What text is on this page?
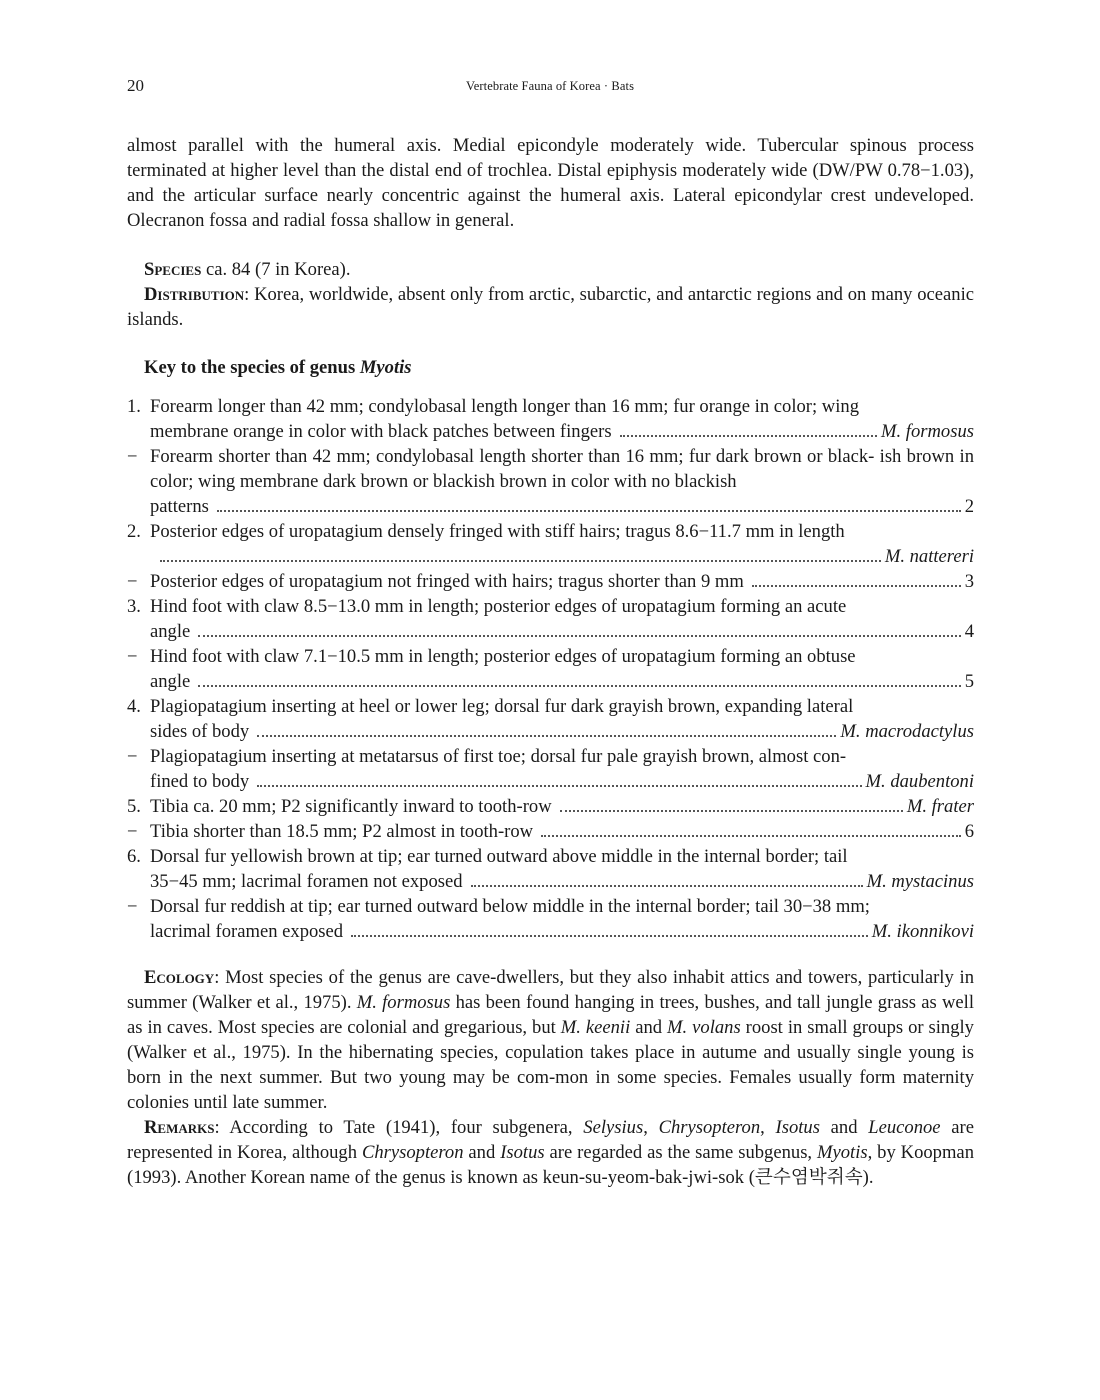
20	Vertebrate Fauna of Korea · Bats

almost parallel with the humeral axis. Medial epicondyle moderately wide. Tubercular spinous process terminated at higher level than the distal end of trochlea. Distal epiphysis moderately wide (DW/PW 0.78−1.03), and the articular surface nearly concentric against the humeral axis. Lateral epicondylar crest undeveloped. Olecranon fossa and radial fossa shallow in general.

Species ca. 84 (7 in Korea).

Distribution: Korea, worldwide, absent only from arctic, subarctic, and antarctic regions and on many oceanic islands.

Key to the species of genus Myotis

1. Forearm longer than 42 mm; condylobasal length longer than 16 mm; fur orange in color; wing
membrane orange in color with black patches between fingers	M. formosus
− Forearm shorter than 42 mm; condylobasal length shorter than 16 mm; fur dark brown or black- ish brown in color; wing membrane dark brown or blackish brown in color with no blackish
patterns	2
2. Posterior edges of uropatagium densely fringed with stiff hairs; tragus 8.6−11.7 mm in length
M. nattereri
− Posterior edges of uropatagium not fringed with hairs; tragus shorter than 9 mm	3
3. Hind foot with claw 8.5−13.0 mm in length; posterior edges of uropatagium forming an acute
angle	4
− Hind foot with claw 7.1−10.5 mm in length; posterior edges of uropatagium forming an obtuse
angle	5
4. Plagiopatagium inserting at heel or lower leg; dorsal fur dark grayish brown, expanding lateral
sides of body	M. macrodactylus
− Plagiopatagium inserting at metatarsus of first toe; dorsal fur pale grayish brown, almost con-
fined to body	M. daubentoni
5. Tibia ca. 20 mm; P2 significantly inward to tooth-row	M. frater
− Tibia shorter than 18.5 mm; P2 almost in tooth-row	6
6. Dorsal fur yellowish brown at tip; ear turned outward above middle in the internal border; tail
35−45 mm; lacrimal foramen not exposed	M. mystacinus
− Dorsal fur reddish at tip; ear turned outward below middle in the internal border; tail 30−38 mm;
lacrimal foramen exposed	M. ikonnikovi

Ecology: Most species of the genus are cave-dwellers, but they also inhabit attics and towers, particularly in summer (Walker et al., 1975). M. formosus has been found hanging in trees, bushes, and tall jungle grass as well as in caves. Most species are colonial and gregarious, but M. keenii and M. volans roost in small groups or singly (Walker et al., 1975). In the hibernating species, copulation takes place in autume and usually single young is born in the next summer. But two young may be com-mon in some species. Females usually form maternity colonies until late summer.

Remarks: According to Tate (1941), four subgenera, Selysius, Chrysopteron, Isotus and Leuconoe are represented in Korea, although Chrysopteron and Isotus are regarded as the same subgenus, Myotis, by Koopman (1993). Another Korean name of the genus is known as keun-su-yeom-bak-jwi-sok (큰수염박쥐속).
